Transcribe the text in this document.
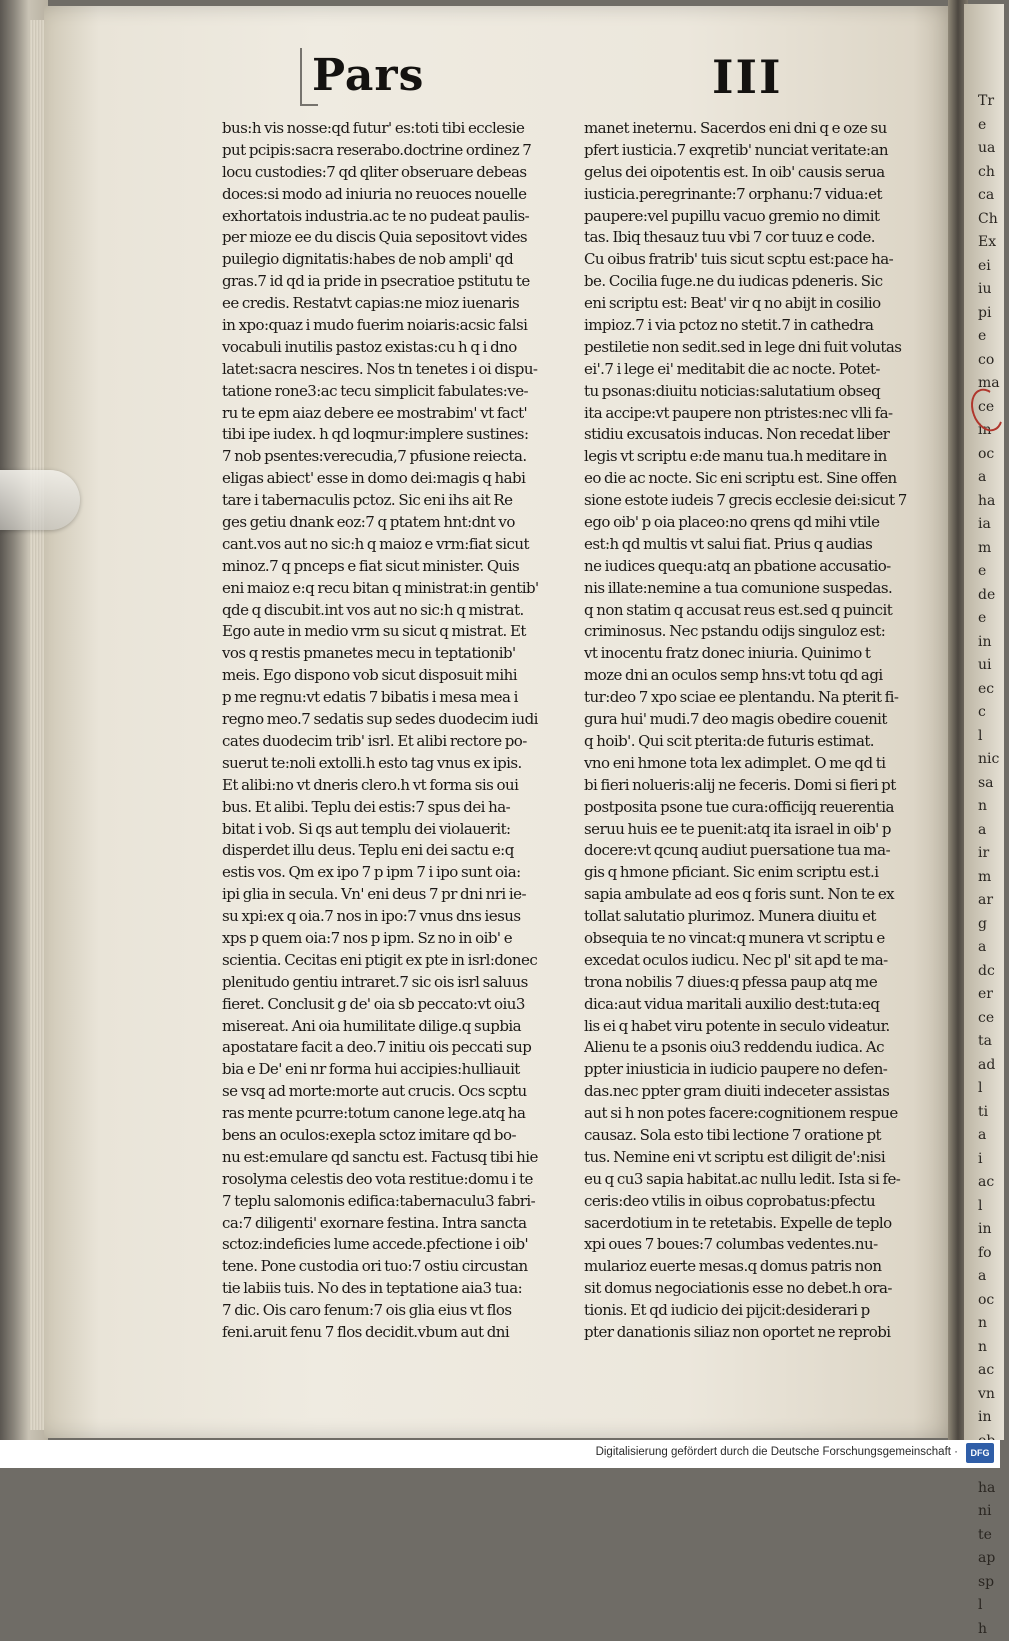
Tr
e
ua
ch
ca
Ch
Ex
ei
iu
pi
e
co
ma
ce
in
oc
a
ha
ia
m
e
de
e
in
ui
ec
c
l
nic
sa
n
a
ir
m
ar
g
a
dc
er
ce
ta
ad
l
ti
a
i
ac
l
in
fo
a
oc
n
n
ac
vn
in
ha
ni
te
ap
sp
l
h
Pars	III
bus:h vis nosse:qd futur' es:toti tibi ecclesie
put pcipis:sacra reserabo.doctrine ordinez 7
locu custodies:7 qd qliter obseruare debeas
doces:si modo ad iniuria no reuoces nouelle
exhortatois industria.ac te no pudeat paulis-
per mioze ee du discis Quia sepositovt vides
puilegio dignitatis:habes de nob ampli' qd
gras.7 id qd ia pride in psecratioe pstitutu te
ee credis. Restatvt capias:ne mioz iuenaris
in xpo:quaz i mudo fuerim noiaris:acsic falsi
vocabuli inutilis pastoz existas:cu h q i dno
latet:sacra nescires. Nos tn tenetes i oi dispu-
tatione rone3:ac tecu simplicit fabulates:ve-
ru te epm aiaz debere ee mostrabim' vt fact'
tibi ipe iudex. h qd loqmur:implere sustines:
7 nob psentes:verecudia,7 pfusione reiecta.
eligas abiect' esse in domo dei:magis q habi
tare i tabernaculis pctoz. Sic eni ihs ait Re
ges getiu dnank eoz:7 q ptatem hnt:dnt vo
cant.vos aut no sic:h q maioz e vrm:fiat sicut
minoz.7 q pnceps e fiat sicut minister. Quis
eni maioz e:q recu bitan q ministrat:in gentib'
qde q discubit.int vos aut no sic:h q mistrat.
Ego aute in medio vrm su sicut q mistrat. Et
vos q restis pmanetes mecu in teptationib'
meis. Ego dispono vob sicut disposuit mihi
p me regnu:vt edatis 7 bibatis i mesa mea i
regno meo.7 sedatis sup sedes duodecim iudi
cates duodecim trib' isrl. Et alibi rectore po-
suerut te:noli extolli.h esto tag vnus ex ipis.
Et alibi:no vt dneris clero.h vt forma sis oui
bus. Et alibi. Teplu dei estis:7 spus dei ha-
bitat i vob. Si qs aut templu dei violauerit:
disperdet illu deus. Teplu eni dei sactu e:q
estis vos. Qm ex ipo 7 p ipm 7 i ipo sunt oia:
ipi glia in secula. Vn' eni deus 7 pr dni nri ie-
su xpi:ex q oia.7 nos in ipo:7 vnus dns iesus
xps p quem oia:7 nos p ipm. Sz no in oib' e
scientia. Cecitas eni ptigit ex pte in isrl:donec
plenitudo gentiu intraret.7 sic ois isrl saluus
fieret. Conclusit g de' oia sb peccato:vt oiu3
misereat. Ani oia humilitate dilige.q supbia
apostatare facit a deo.7 initiu ois peccati sup
bia e De' eni nr forma hui accipies:hulliauit
se vsq ad morte:morte aut crucis. Ocs scptu
ras mente pcurre:totum canone lege.atq ha
bens an oculos:exepla sctoz imitare qd bo-
nu est:emulare qd sanctu est. Factusq tibi hie
rosolyma celestis deo vota restitue:domu i te
7 teplu salomonis edifica:tabernaculu3 fabri-
ca:7 diligenti' exornare festina. Intra sancta
sctoz:indeficies lume accede.pfectione i oib'
tene. Pone custodia ori tuo:7 ostiu circustan
tie labiis tuis. No des in teptatione aia3 tua:
7 dic. Ois caro fenum:7 ois glia eius vt flos
feni.aruit fenu 7 flos decidit.vbum aut dni
manet ineternu. Sacerdos eni dni q e oze su
pfert iusticia.7 exqretib' nunciat veritate:an
gelus dei oipotentis est. In oib' causis serua
iusticia.peregrinante:7 orphanu:7 vidua:et
paupere:vel pupillu vacuo gremio no dimit
tas. Ibiq thesauz tuu vbi 7 cor tuuz e code.
Cu oibus fratrib' tuis sicut scptu est:pace ha-
be. Cocilia fuge.ne du iudicas pdeneris. Sic
eni scriptu est: Beat' vir q no abijt in cosilio
impioz.7 i via pctoz no stetit.7 in cathedra
pestiletie non sedit.sed in lege dni fuit volutas
ei'.7 i lege ei' meditabit die ac nocte. Potet-
tu psonas:diuitu noticias:salutatium obseq
ita accipe:vt paupere non ptristes:nec vlli fa-
stidiu excusatois inducas. Non recedat liber
legis vt scriptu e:de manu tua.h meditare in
eo die ac nocte. Sic eni scriptu est. Sine offen
sione estote iudeis 7 grecis ecclesie dei:sicut 7
ego oib' p oia placeo:no qrens qd mihi vtile
est:h qd multis vt salui fiat. Prius q audias
ne iudices quequ:atq an pbatione accusatio-
nis illate:nemine a tua comunione suspedas.
q non statim q accusat reus est.sed q puincit
criminosus. Nec pstandu odijs singuloz est:
vt inocentu fratz donec iniuria. Quinimo t
moze dni an oculos semp hns:vt totu qd agi
tur:deo 7 xpo sciae ee plentandu. Na pterit fi-
gura hui' mudi.7 deo magis obedire couenit
q hoib'. Qui scit pterita:de futuris estimat.
vno eni hmone tota lex adimplet. O me qd ti
bi fieri nolueris:alij ne feceris. Domi si fieri pt
postposita psone tue cura:officijq reuerentia
seruu huis ee te puenit:atq ita israel in oib' p
docere:vt qcunq audiut puersatione tua ma-
gis q hmone pficiant. Sic enim scriptu est.i
sapia ambulate ad eos q foris sunt. Non te ex
tollat salutatio plurimoz. Munera diuitu et
obsequia te no vincat:q munera vt scriptu e
excedat oculos iudicu. Nec pl' sit apd te ma-
trona nobilis 7 diues:q pfessa paup atq me
dica:aut vidua maritali auxilio dest:tuta:eq
lis ei q habet viru potente in seculo videatur.
Alienu te a psonis oiu3 reddendu iudica. Ac
ppter iniusticia in iudicio paupere no defen-
das.nec ppter gram diuiti indeceter assistas
aut si h non potes facere:cognitionem respue
causaz. Sola esto tibi lectione 7 oratione pt
tus. Nemine eni vt scriptu est diligit de':nisi
eu q cu3 sapia habitat.ac nullu ledit. Ista si fe-
ceris:deo vtilis in oibus coprobatus:pfectu
sacerdotium in te retetabis. Expelle de teplo
xpi oues 7 boues:7 columbas vedentes.nu-
mularioz euerte mesas.q domus patris non
sit domus negociationis esse no debet.h ora-
tionis. Et qd iudicio dei pijcit:desiderari p
pter danationis siliaz non oportet ne reprobi
Digitalisierung gefördert durch die Deutsche Forschungsgemeinschaft ·	DFG
